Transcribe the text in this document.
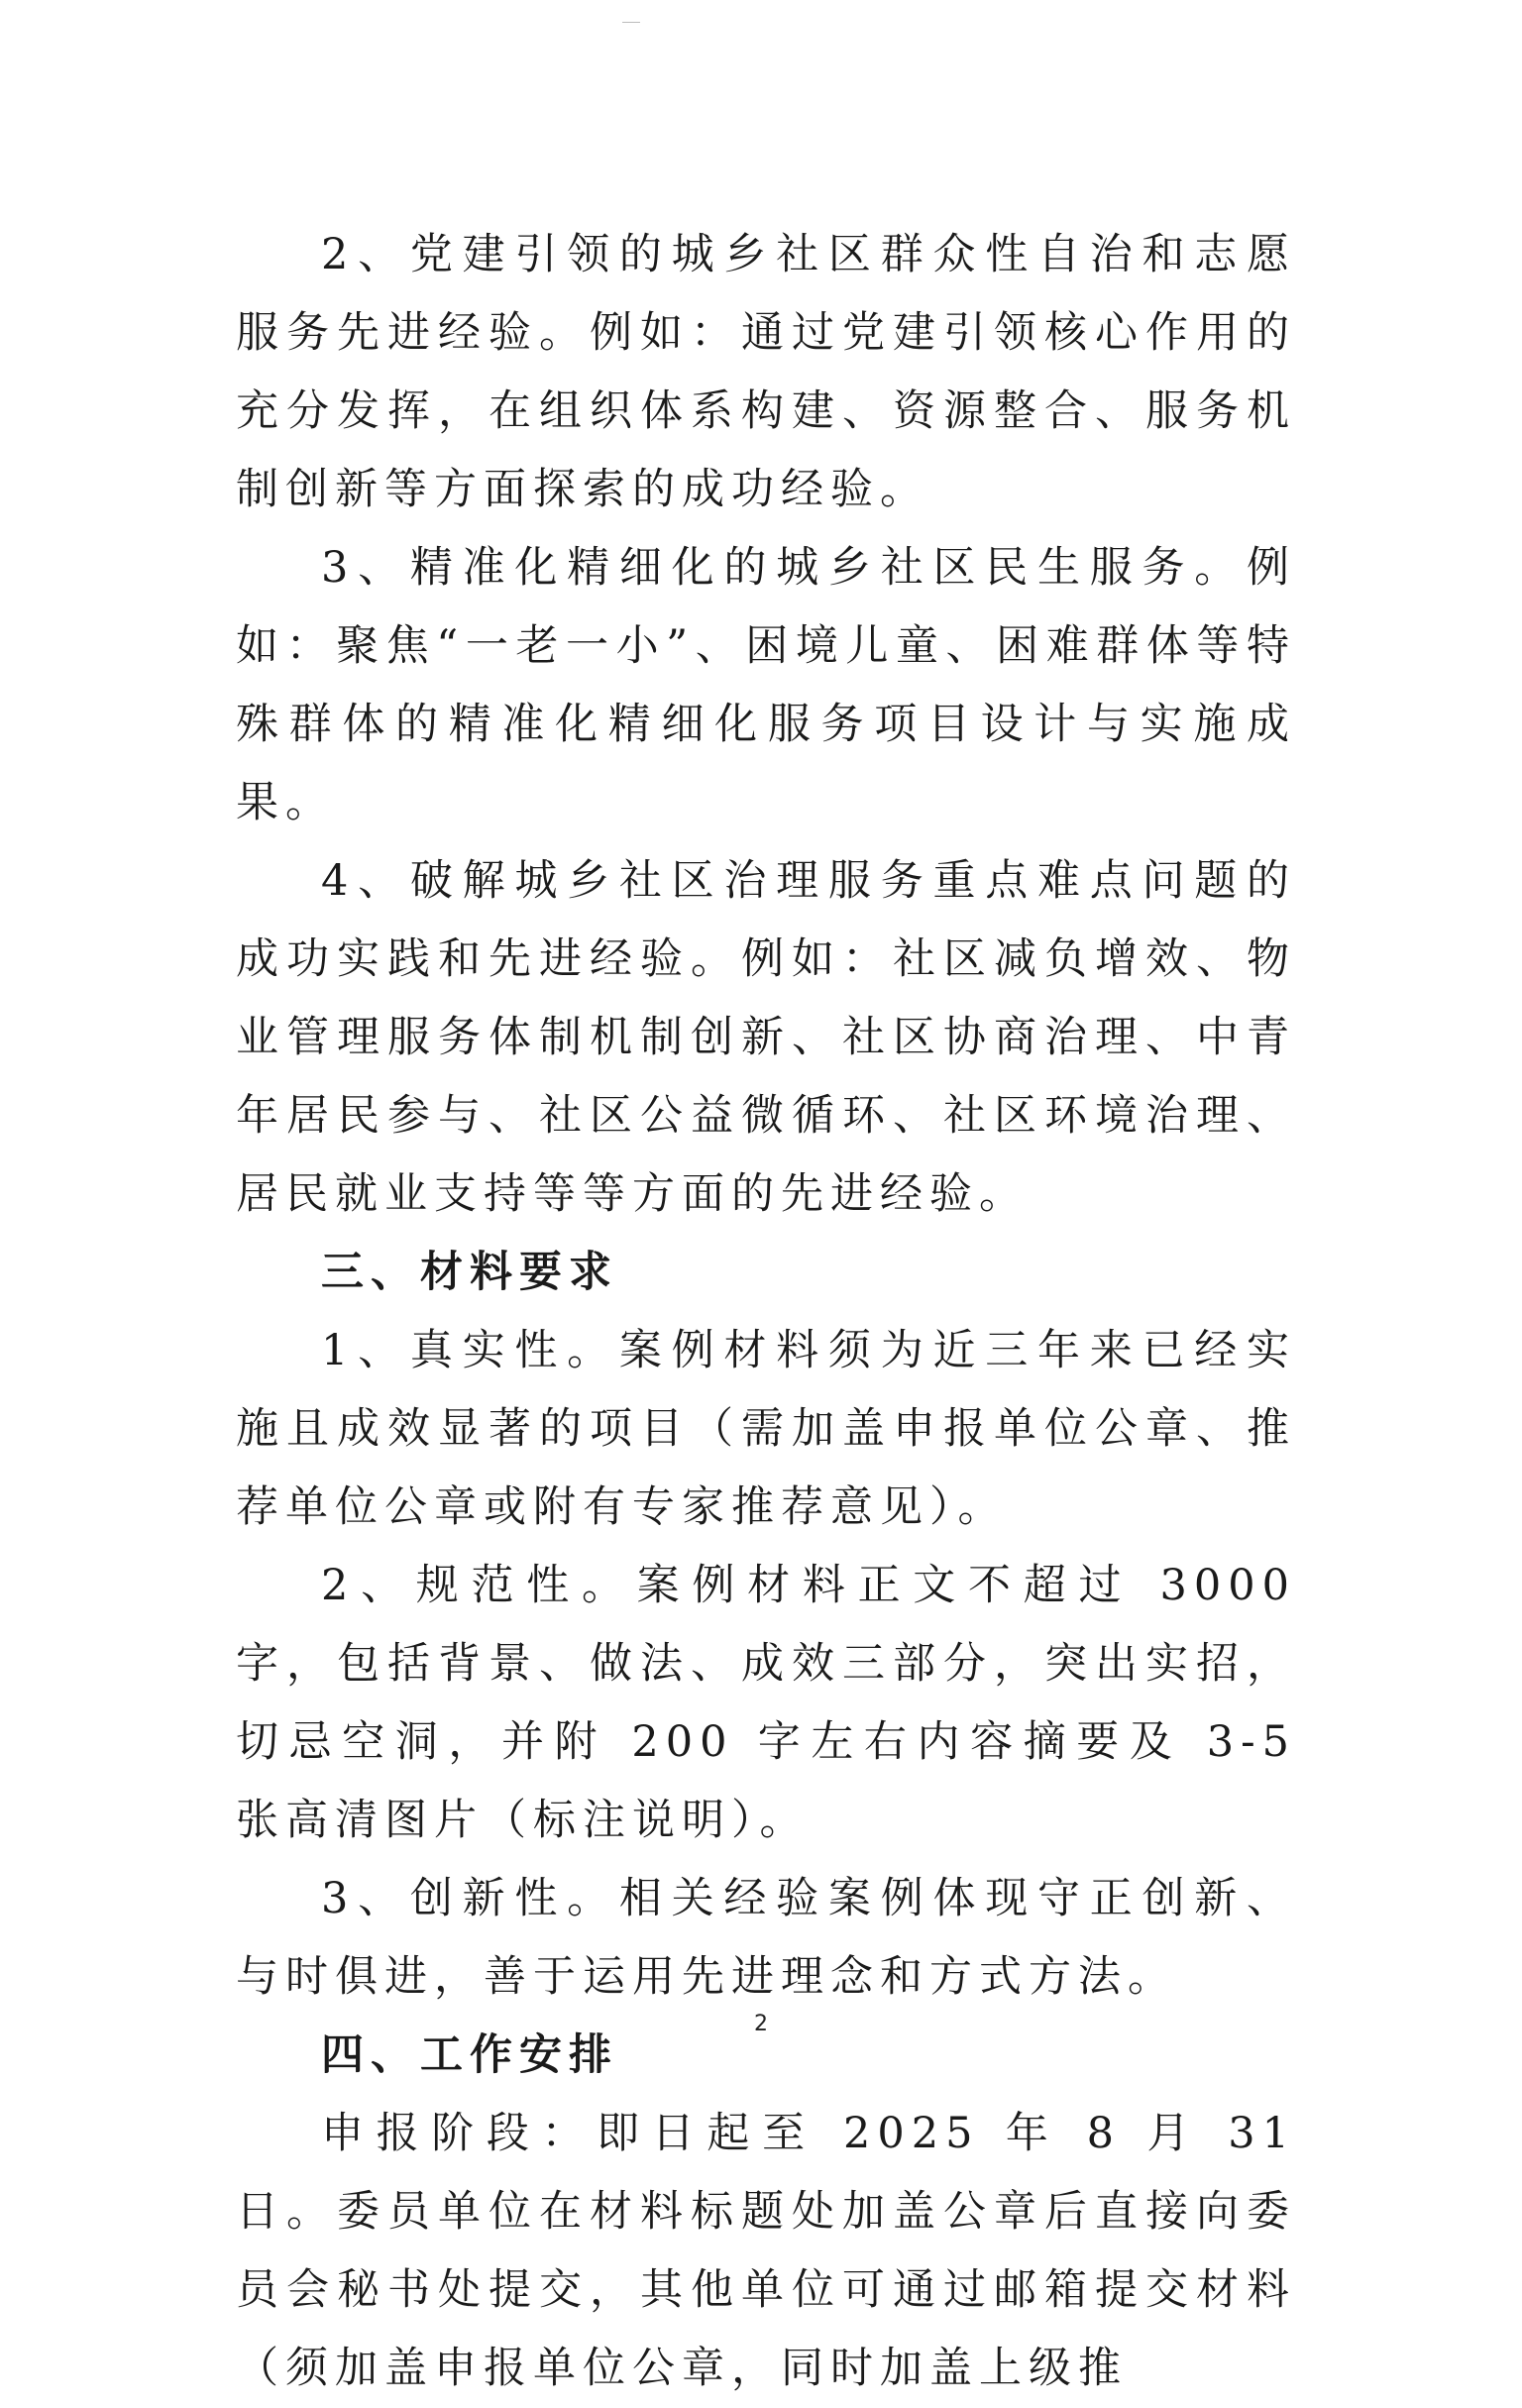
2、党建引领的城乡社区群众性自治和志愿服务先进经验。例如：通过党建引领核心作用的充分发挥，在组织体系构建、资源整合、服务机制创新等方面探索的成功经验。

3、精准化精细化的城乡社区民生服务。例如：聚焦“一老一小”、困境儿童、困难群体等特殊群体的精准化精细化服务项目设计与实施成果。

4、破解城乡社区治理服务重点难点问题的成功实践和先进经验。例如：社区减负增效、物业管理服务体制机制创新、社区协商治理、中青年居民参与、社区公益微循环、社区环境治理、居民就业支持等等方面的先进经验。

三、材料要求

1、真实性。案例材料须为近三年来已经实施且成效显著的项目（需加盖申报单位公章、推荐单位公章或附有专家推荐意见）。

2、规范性。案例材料正文不超过 3000 字，包括背景、做法、成效三部分，突出实招，切忌空洞，并附 200 字左右内容摘要及 3-5 张高清图片（标注说明）。

3、创新性。相关经验案例体现守正创新、与时俱进，善于运用先进理念和方式方法。

四、工作安排

申报阶段：即日起至 2025 年 8 月 31 日。委员单位在材料标题处加盖公章后直接向委员会秘书处提交，其他单位可通过邮箱提交材料（须加盖申报单位公章，同时加盖上级推

2
